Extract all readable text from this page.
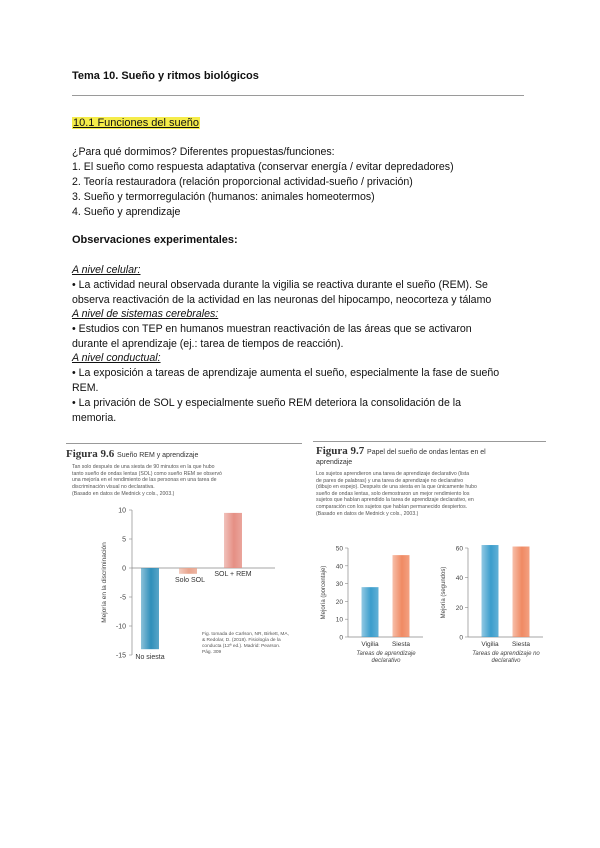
Tema 10. Sueño y ritmos biológicos
10.1 Funciones del sueño
¿Para qué dormimos? Diferentes propuestas/funciones:
1. El sueño como respuesta adaptativa (conservar energía / evitar depredadores)
2. Teoría restauradora (relación proporcional actividad-sueño / privación)
3. Sueño y termorregulación (humanos: animales homeotermos)
4. Sueño y aprendizaje
Observaciones experimentales:
A nivel celular:
• La actividad neural observada durante la vigilia se reactiva durante el sueño (REM). Se
observa reactivación de la actividad en las neuronas del hipocampo, neocorteza y tálamo
A nivel de sistemas cerebrales:
• Estudios con TEP en humanos muestran reactivación de las áreas que se activaron
durante el aprendizaje (ej.: tarea de tiempos de reacción).
A nivel conductual:
• La exposición a tareas de aprendizaje aumenta el sueño, especialmente la fase de sueño
REM.
• La privación de SOL y especialmente sueño REM deteriora la consolidación de la
memoria.
Figura 9.6 Sueño REM y aprendizaje
Tan solo después de una siesta de 90 minutos en la que hubo
tanto sueño de ondas lentas (SOL) como sueño REM se observó
una mejoría en el rendimiento de las personas en una tarea de
discriminación visual no declarativa.
(Basado en datos de Mednick y cols., 2003.)
10
5
0
-5
-10
-15
Mejoría en la discriminación
No siesta
Solo SOL
SOL + REM
Fig. tomada de Carlson, NR, Birkett, MA,
& Redolar, D. (2018). Fisiología de la
conducta (12ª ed.). Madrid: Pearson.
Pág. 309
Figura 9.7 Papel del sueño de ondas lentas en el
aprendizaje
Los sujetos aprendieron una tarea de aprendizaje declarativo (lista
de pares de palabras) y una tarea de aprendizaje no declarativo
(dibujo en espejo). Después de una siesta en la que únicamente hubo
sueño de ondas lentas, solo demostraron un mejor rendimiento los
sujetos que habían aprendido la tarea de aprendizaje declarativo, en
comparación con los sujetos que habían permanecido despiertos.
(Basado en datos de Mednick y cols., 2003.)
50
40
30
20
10
0
Mejoría (porcentaje)
Tareas de aprendizaje
declarativo
Vigilia Siesta
60
40
20
0
Mejoría (segundos)
Tareas de aprendizaje no
declarativo
Vigilia Siesta
